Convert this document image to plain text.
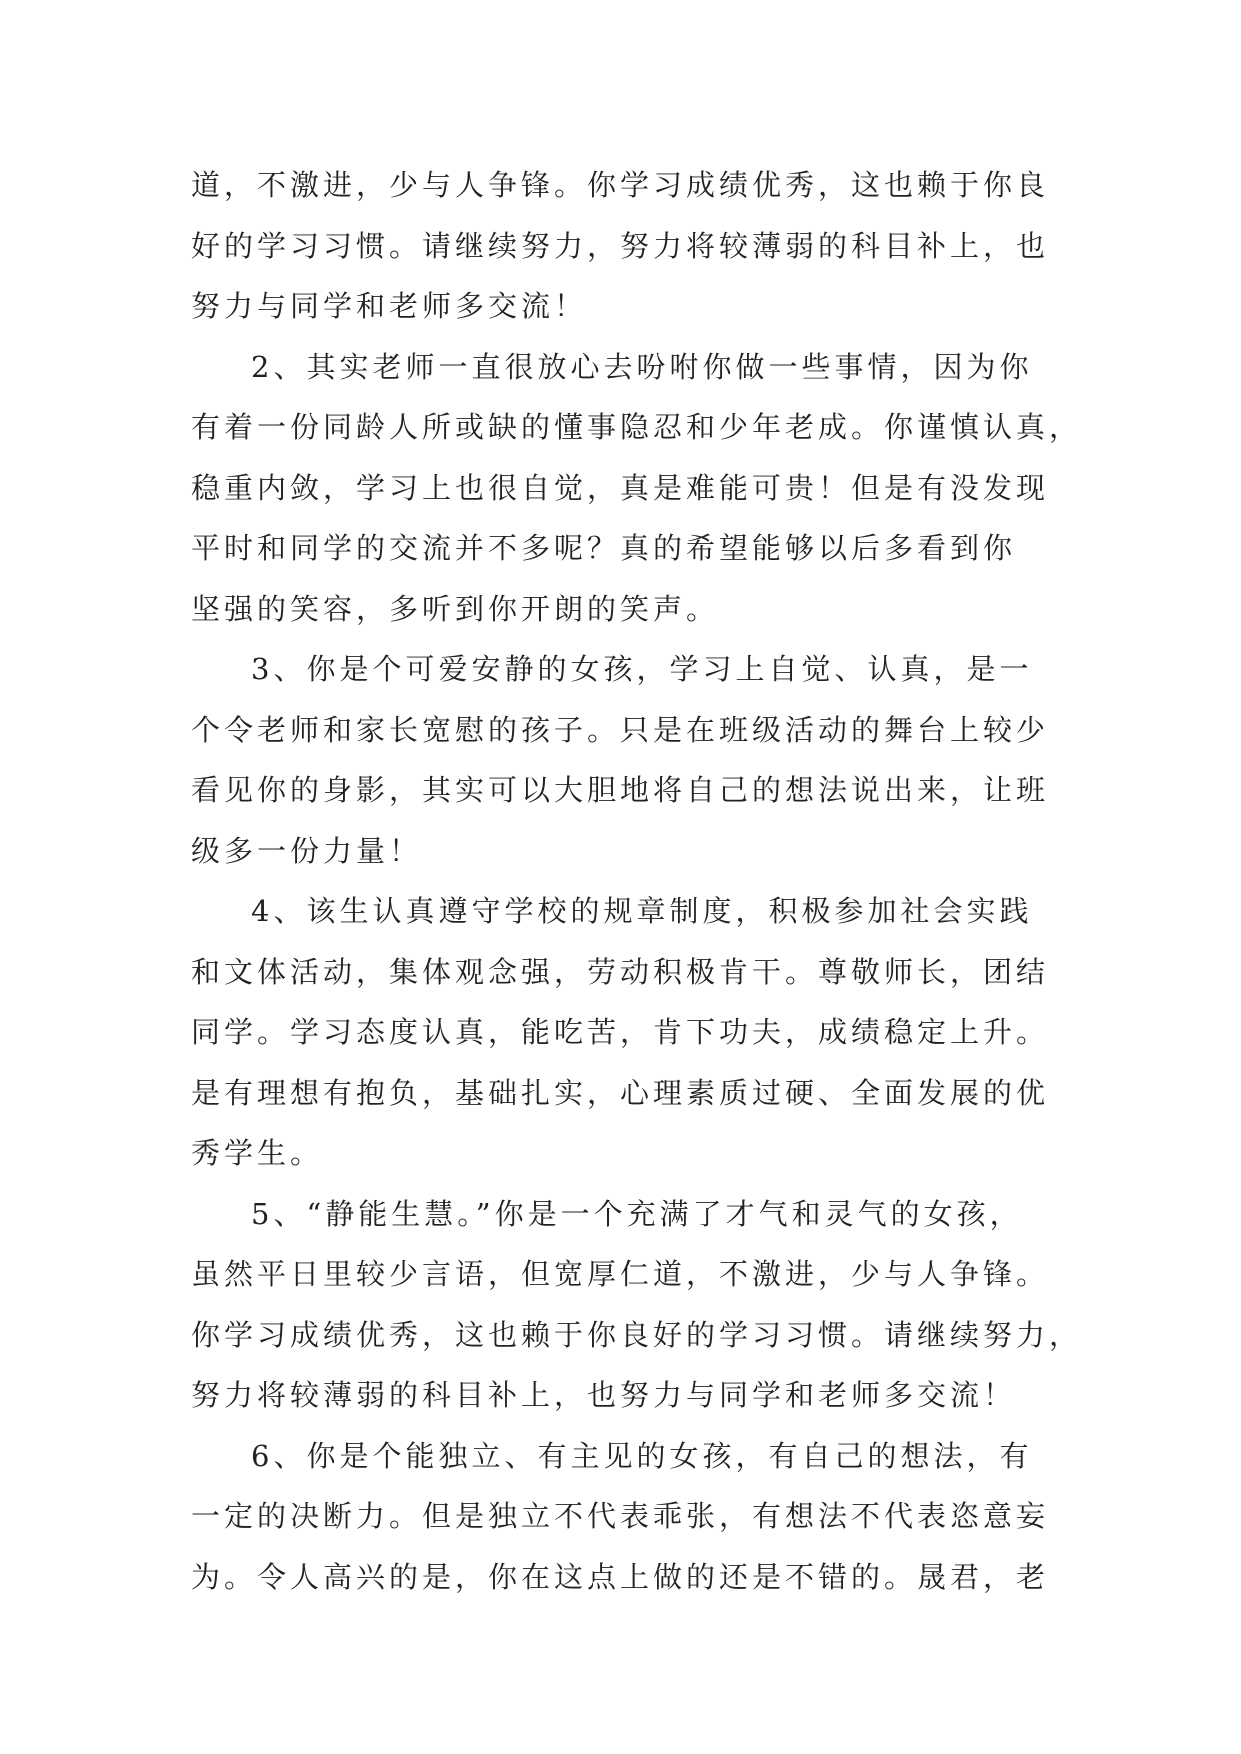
道，不激进，少与人争锋。你学习成绩优秀，这也赖于你良
好的学习习惯。请继续努力，努力将较薄弱的科目补上，也
努力与同学和老师多交流！
2、其实老师一直很放心去吩咐你做一些事情，因为你
有着一份同龄人所或缺的懂事隐忍和少年老成。你谨慎认真，
稳重内敛，学习上也很自觉，真是难能可贵！但是有没发现
平时和同学的交流并不多呢？真的希望能够以后多看到你
坚强的笑容，多听到你开朗的笑声。
3、你是个可爱安静的女孩，学习上自觉、认真，是一
个令老师和家长宽慰的孩子。只是在班级活动的舞台上较少
看见你的身影，其实可以大胆地将自己的想法说出来，让班
级多一份力量！
4、该生认真遵守学校的规章制度，积极参加社会实践
和文体活动，集体观念强，劳动积极肯干。尊敬师长，团结
同学。学习态度认真，能吃苦，肯下功夫，成绩稳定上升。
是有理想有抱负，基础扎实，心理素质过硬、全面发展的优
秀学生。
5、“静能生慧。”你是一个充满了才气和灵气的女孩，
虽然平日里较少言语，但宽厚仁道，不激进，少与人争锋。
你学习成绩优秀，这也赖于你良好的学习习惯。请继续努力，
努力将较薄弱的科目补上，也努力与同学和老师多交流！
6、你是个能独立、有主见的女孩，有自己的想法，有
一定的决断力。但是独立不代表乖张，有想法不代表恣意妄
为。令人高兴的是，你在这点上做的还是不错的。晟君，老
